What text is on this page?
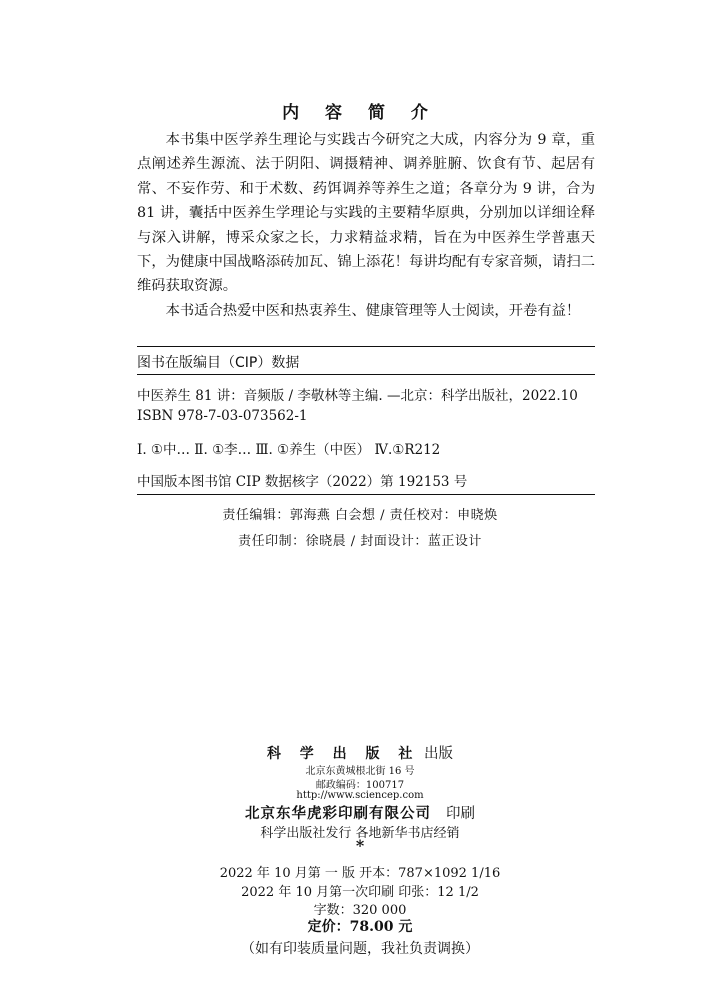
内 容 简 介

本书集中医学养生理论与实践古今研究之大成，内容分为 9 章，重点阐述养生源流、法于阴阳、调摄精神、调养脏腑、饮食有节、起居有常、不妄作劳、和于术数、药饵调养等养生之道；各章分为 9 讲，合为 81 讲，囊括中医养生学理论与实践的主要精华原典，分别加以详细诠释与深入讲解，博采众家之长，力求精益求精，旨在为中医养生学普惠天下，为健康中国战略添砖加瓦、锦上添花！每讲均配有专家音频，请扫二维码获取资源。

本书适合热爱中医和热衷养生、健康管理等人士阅读，开卷有益！

图书在版编目（CIP）数据
中医养生 81 讲：音频版 / 李敬林等主编. —北京：科学出版社，2022.10
ISBN 978-7-03-073562-1
Ⅰ. ①中… Ⅱ. ①李… Ⅲ. ①养生（中医） Ⅳ.①R212
中国版本图书馆 CIP 数据核字（2022）第 192153 号
责任编辑：郭海燕 白会想 / 责任校对：申晓焕
责任印制：徐晓晨 / 封面设计：蓝正设计
科 学 出 版 社 出版
北京东黄城根北街 16 号
邮政编码：100717
http://www.sciencep.com
北京东华虎彩印刷有限公司 印刷
科学出版社发行 各地新华书店经销
*
2022 年 10 月第 一 版 开本：787×1092 1/16
2022 年 10 月第一次印刷 印张：12 1/2
字数：320 000
定价：78.00 元
（如有印装质量问题，我社负责调换）
